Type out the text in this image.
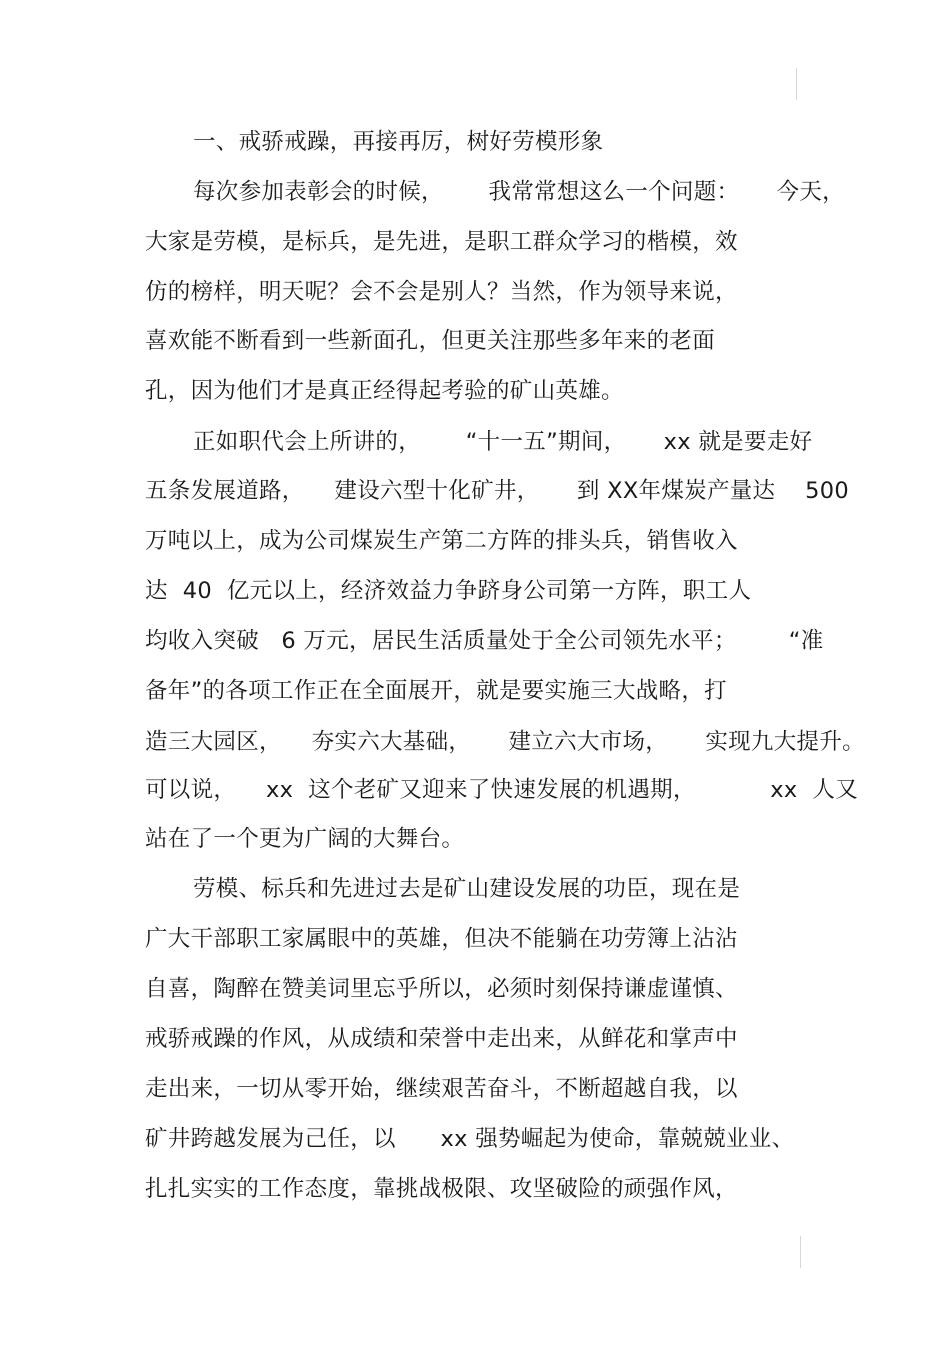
一、戒骄戒躁，再接再厉，树好劳模形象
每次参加表彰会的时候，      我常常想这么一个问题：     今天，
大家是劳模，是标兵，是先进，是职工群众学习的楷模，效
仿的榜样，明天呢？会不会是别人？当然，作为领导来说，
喜欢能不断看到一些新面孔，但更关注那些多年来的老面
孔，因为他们才是真正经得起考验的矿山英雄。
正如职代会上所讲的，      “十一五”期间，     xx 就是要走好
五条发展道路，    建设六型十化矿井，     到 XX年煤炭产量达    500
万吨以上，成为公司煤炭生产第二方阵的排头兵，销售收入
达  40  亿元以上，经济效益力争跻身公司第一方阵，职工人
均收入突破   6 万元，居民生活质量处于全公司领先水平；       “准
备年”的各项工作正在全面展开，就是要实施三大战略，打
造三大园区，    夯实六大基础，     建立六大市场，     实现九大提升。
可以说，    xx  这个老矿又迎来了快速发展的机遇期，          xx  人又
站在了一个更为广阔的大舞台。
劳模、标兵和先进过去是矿山建设发展的功臣，现在是
广大干部职工家属眼中的英雄，但决不能躺在功劳簿上沾沾
自喜，陶醉在赞美词里忘乎所以，必须时刻保持谦虚谨慎、
戒骄戒躁的作风，从成绩和荣誉中走出来，从鲜花和掌声中
走出来，一切从零开始，继续艰苦奋斗，不断超越自我，以
矿井跨越发展为己任，以      xx 强势崛起为使命，靠兢兢业业、
扎扎实实的工作态度，靠挑战极限、攻坚破险的顽强作风，
